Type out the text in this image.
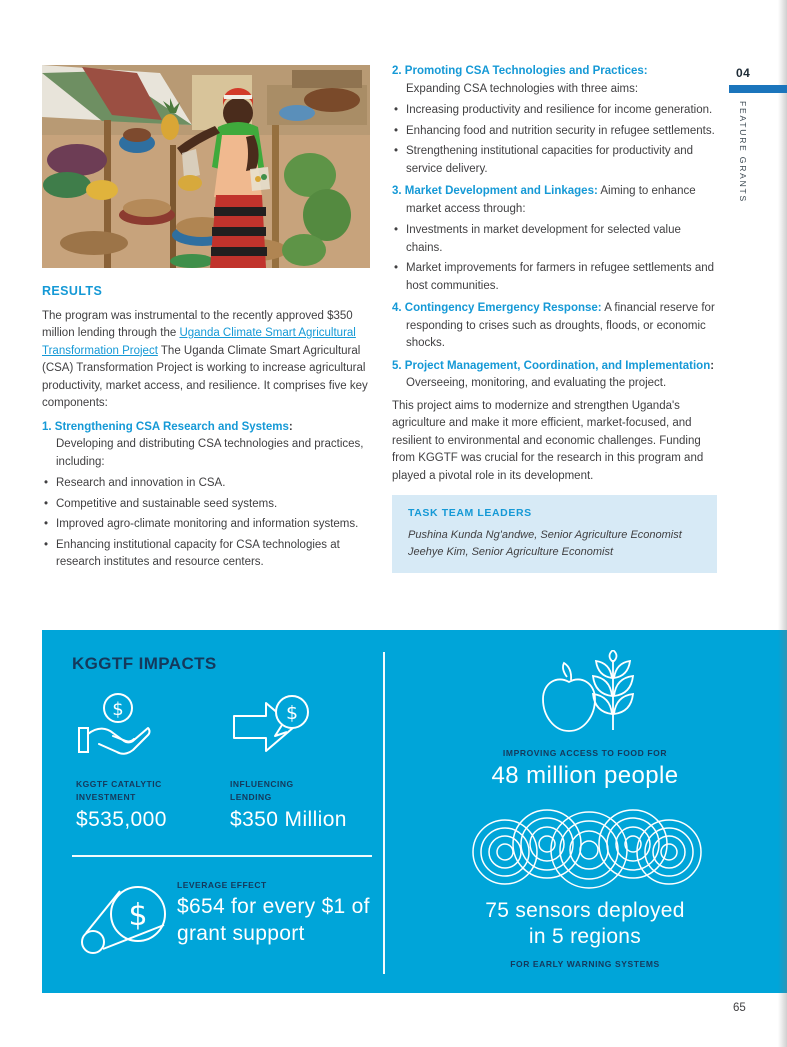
04
FEATURE GRANTS
RESULTS

The program was instrumental to the recently approved $350 million lending through the Uganda Climate Smart Agricultural Transformation Project The Uganda Climate Smart Agricultural (CSA) Transformation Project is working to increase agricultural productivity, market access, and resilience. It comprises five key components:

1. Strengthening CSA Research and Systems:
Developing and distributing CSA technologies and practices, including:
• Research and innovation in CSA.
• Competitive and sustainable seed systems.
• Improved agro-climate monitoring and information systems.
• Enhancing institutional capacity for CSA technologies at research institutes and resource centers.
2. Promoting CSA Technologies and Practices:
Expanding CSA technologies with three aims:
• Increasing productivity and resilience for income generation.
• Enhancing food and nutrition security in refugee settlements.
• Strengthening institutional capacities for productivity and service delivery.
3. Market Development and Linkages: Aiming to enhance market access through:
• Investments in market development for selected value chains.
• Market improvements for farmers in refugee settlements and host communities.
4. Contingency Emergency Response: A financial reserve for responding to crises such as droughts, floods, or economic shocks.
5. Project Management, Coordination, and Implementation: Overseeing, monitoring, and evaluating the project.

This project aims to modernize and strengthen Uganda's agriculture and make it more efficient, market-focused, and resilient to environmental and economic challenges. Funding from KGGTF was crucial for the research in this program and played a pivotal role in its development.

TASK TEAM LEADERS
Pushina Kunda Ng'andwe, Senior Agriculture Economist
Jeehye Kim, Senior Agriculture Economist
KGGTF IMPACTS
$
KGGTF CATALYTIC INVESTMENT
$535,000
$
INFLUENCING LENDING
$350 Million
$
LEVERAGE EFFECT
$654 for every $1 of grant support
IMPROVING ACCESS TO FOOD FOR
48 million people
75 sensors deployed in 5 regions
FOR EARLY WARNING SYSTEMS
65
